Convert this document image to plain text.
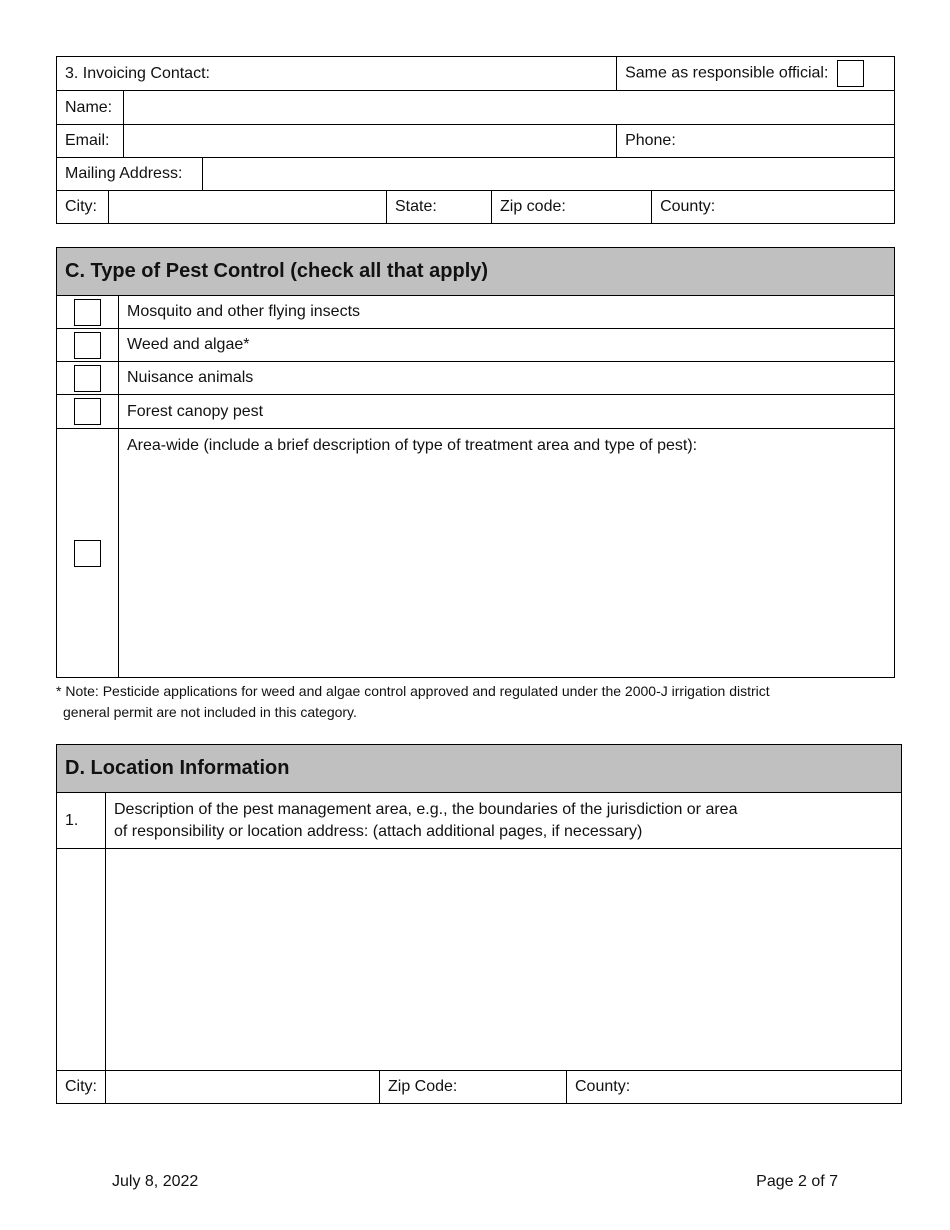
3. Invoicing Contact:						Same as responsible official:	
Name:							
Email:						Phone:	
Mailing Address:							
City:				State:	Zip code:		County:
C. Type of Pest Control (check all that apply)	
	Mosquito and other flying insects
	Weed and algae*
	Nuisance animals
	Forest canopy pest
	Area-wide (include a brief description of type of treatment area and type of pest):
* Note: Pesticide applications for weed and algae control approved and regulated under the 2000-J irrigation district
general permit are not included in this category.
D. Location Information			
1.	Description of the pest management area, e.g., the boundaries of the jurisdiction or area
of responsibility or location address: (attach additional pages, if necessary)		

City:		Zip Code:	County:
July 8, 2022	Page 2 of 7
